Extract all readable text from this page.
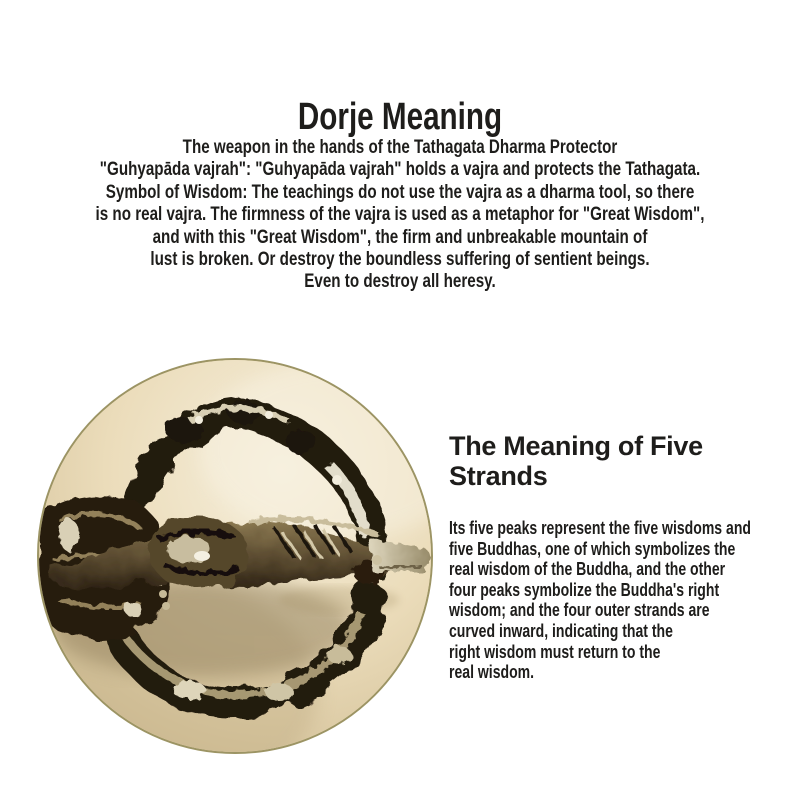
Dorje Meaning
The weapon in the hands of the Tathagata Dharma Protector
"Guhyapāda vajrah": "Guhyapāda vajrah" holds a vajra and protects the Tathagata.
Symbol of Wisdom: The teachings do not use the vajra as a dharma tool, so there
is no real vajra. The firmness of the vajra is used as a metaphor for "Great Wisdom",
and with this "Great Wisdom", the firm and unbreakable mountain of
lust is broken. Or destroy the boundless suffering of sentient beings.
Even to destroy all heresy.
The Meaning of Five
Strands
Its five peaks represent the five wisdoms and
five Buddhas, one of which symbolizes the
real wisdom of the Buddha, and the other
four peaks symbolize the Buddha's right
wisdom; and the four outer strands are
curved inward, indicating that the
right wisdom must return to the
real wisdom.
